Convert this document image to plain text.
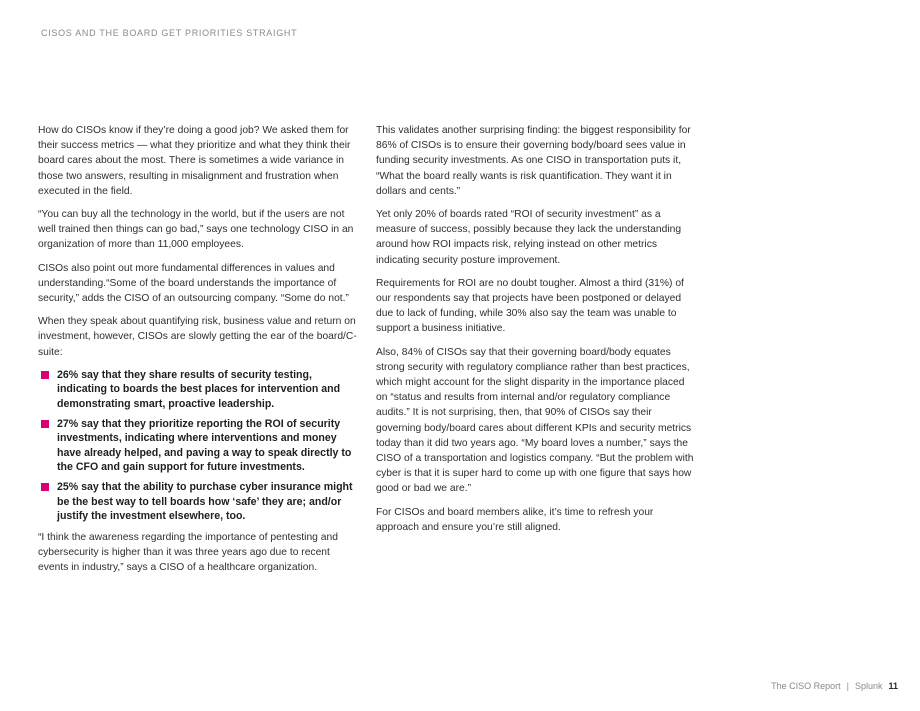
CISOS AND THE BOARD GET PRIORITIES STRAIGHT

How do CISOs know if they’re doing a good job? We asked them for their success metrics — what they prioritize and what they think their board cares about the most. There is sometimes a wide variance in those two answers, resulting in misalignment and frustration when executed in the field.

“You can buy all the technology in the world, but if the users are not well trained then things can go bad,” says one technology CISO in an organization of more than 11,000 employees.

CISOs also point out more fundamental differences in values and understanding.“Some of the board understands the importance of security,” adds the CISO of an outsourcing company. “Some do not.”

When they speak about quantifying risk, business value and return on investment, however, CISOs are slowly getting the ear of the board/C-suite:

26% say that they share results of security testing, indicating to boards the best places for intervention and demonstrating smart, proactive leadership.
27% say that they prioritize reporting the ROI of security investments, indicating where interventions and money have already helped, and paving a way to speak directly to the CFO and gain support for future investments.
25% say that the ability to purchase cyber insurance might be the best way to tell boards how ‘safe’ they are; and/or justify the investment elsewhere, too.

“I think the awareness regarding the importance of pentesting and cybersecurity is higher than it was three years ago due to recent events in industry,” says a CISO of a healthcare organization.

This validates another surprising finding: the biggest responsibility for 86% of CISOs is to ensure their governing body/board sees value in funding security investments. As one CISO in transportation puts it, “What the board really wants is risk quantification. They want it in dollars and cents.”

Yet only 20% of boards rated “ROI of security investment” as a measure of success, possibly because they lack the understanding around how ROI impacts risk, relying instead on other metrics indicating security posture improvement.

Requirements for ROI are no doubt tougher. Almost a third (31%) of our respondents say that projects have been postponed or delayed due to lack of funding, while 30% also say the team was unable to support a business initiative.

Also, 84% of CISOs say that their governing board/body equates strong security with regulatory compliance rather than best practices, which might account for the slight disparity in the importance placed on “status and results from internal and/or regulatory compliance audits.” It is not surprising, then, that 90% of CISOs say their governing body/board cares about different KPIs and security metrics today than it did two years ago. “My board loves a number,” says the CISO of a transportation and logistics company. “But the problem with cyber is that it is super hard to come up with one figure that says how good or bad we are.”

For CISOs and board members alike, it’s time to refresh your approach and ensure you’re still aligned.

The CISO Report | Splunk 11
